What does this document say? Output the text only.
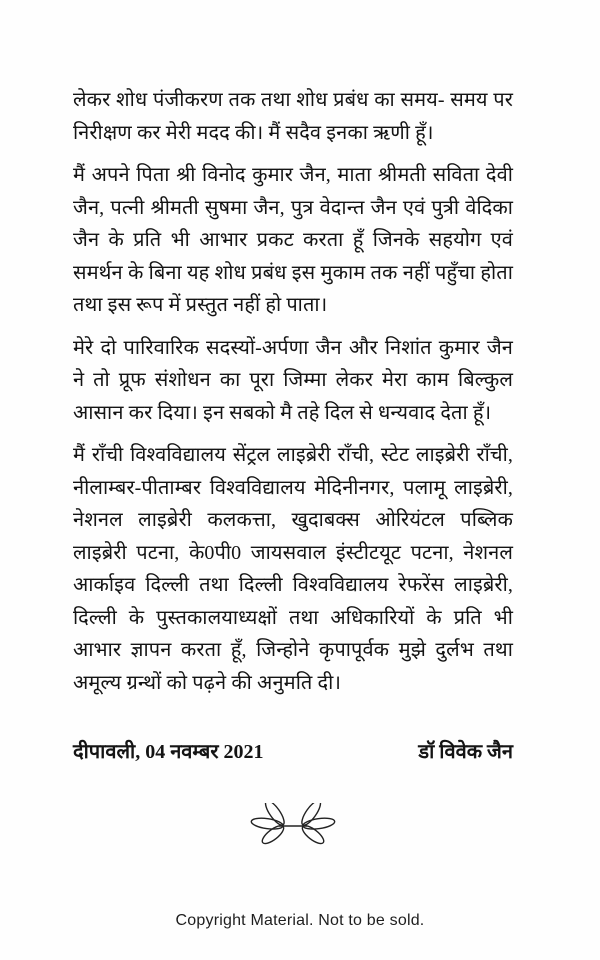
लेकर शोध पंजीकरण तक तथा शोध प्रबंध का समय- समय पर निरीक्षण कर मेरी मदद की। मैं सदैव इनका ऋणी हूँ।

मैं अपने पिता श्री विनोद कुमार जैन, माता श्रीमती सविता देवी जैन, पत्नी श्रीमती सुषमा जैन, पुत्र वेदान्त जैन एवं पुत्री वेदिका जैन के प्रति भी आभार प्रकट करता हूँ जिनके सहयोग एवं समर्थन के बिना यह शोध प्रबंध इस मुकाम तक नहीं पहुँचा होता तथा इस रूप में प्रस्तुत नहीं हो पाता।

मेरे दो पारिवारिक सदस्यों-अर्पणा जैन और निशांत कुमार जैन ने तो प्रूफ संशोधन का पूरा जिम्मा लेकर मेरा काम बिल्कुल आसान कर दिया। इन सबको मै तहे दिल से धन्यवाद देता हूँ।

मैं राँची विश्वविद्यालय सेंट्रल लाइब्रेरी राँची, स्टेट लाइब्रेरी राँची, नीलाम्बर-पीताम्बर विश्वविद्यालय मेदिनीनगर, पलामू लाइब्रेरी, नेशनल लाइब्रेरी कलकत्ता, खुदाबक्स ओरियंटल पब्लिक लाइब्रेरी पटना, के0पी0 जायसवाल इंस्टीटयूट पटना, नेशनल आर्काइव दिल्ली तथा दिल्ली विश्वविद्यालय रेफरेंस लाइब्रेरी, दिल्ली के पुस्तकालयाध्यक्षों तथा अधिकारियों के प्रति भी आभार ज्ञापन करता हूँ, जिन्होने कृपापूर्वक मुझे दुर्लभ तथा अमूल्य ग्रन्थों को पढ़ने की अनुमति दी।

दीपावली, 04 नवम्बर 2021	डॉ विवेक जैन
Copyright Material. Not to be sold.
